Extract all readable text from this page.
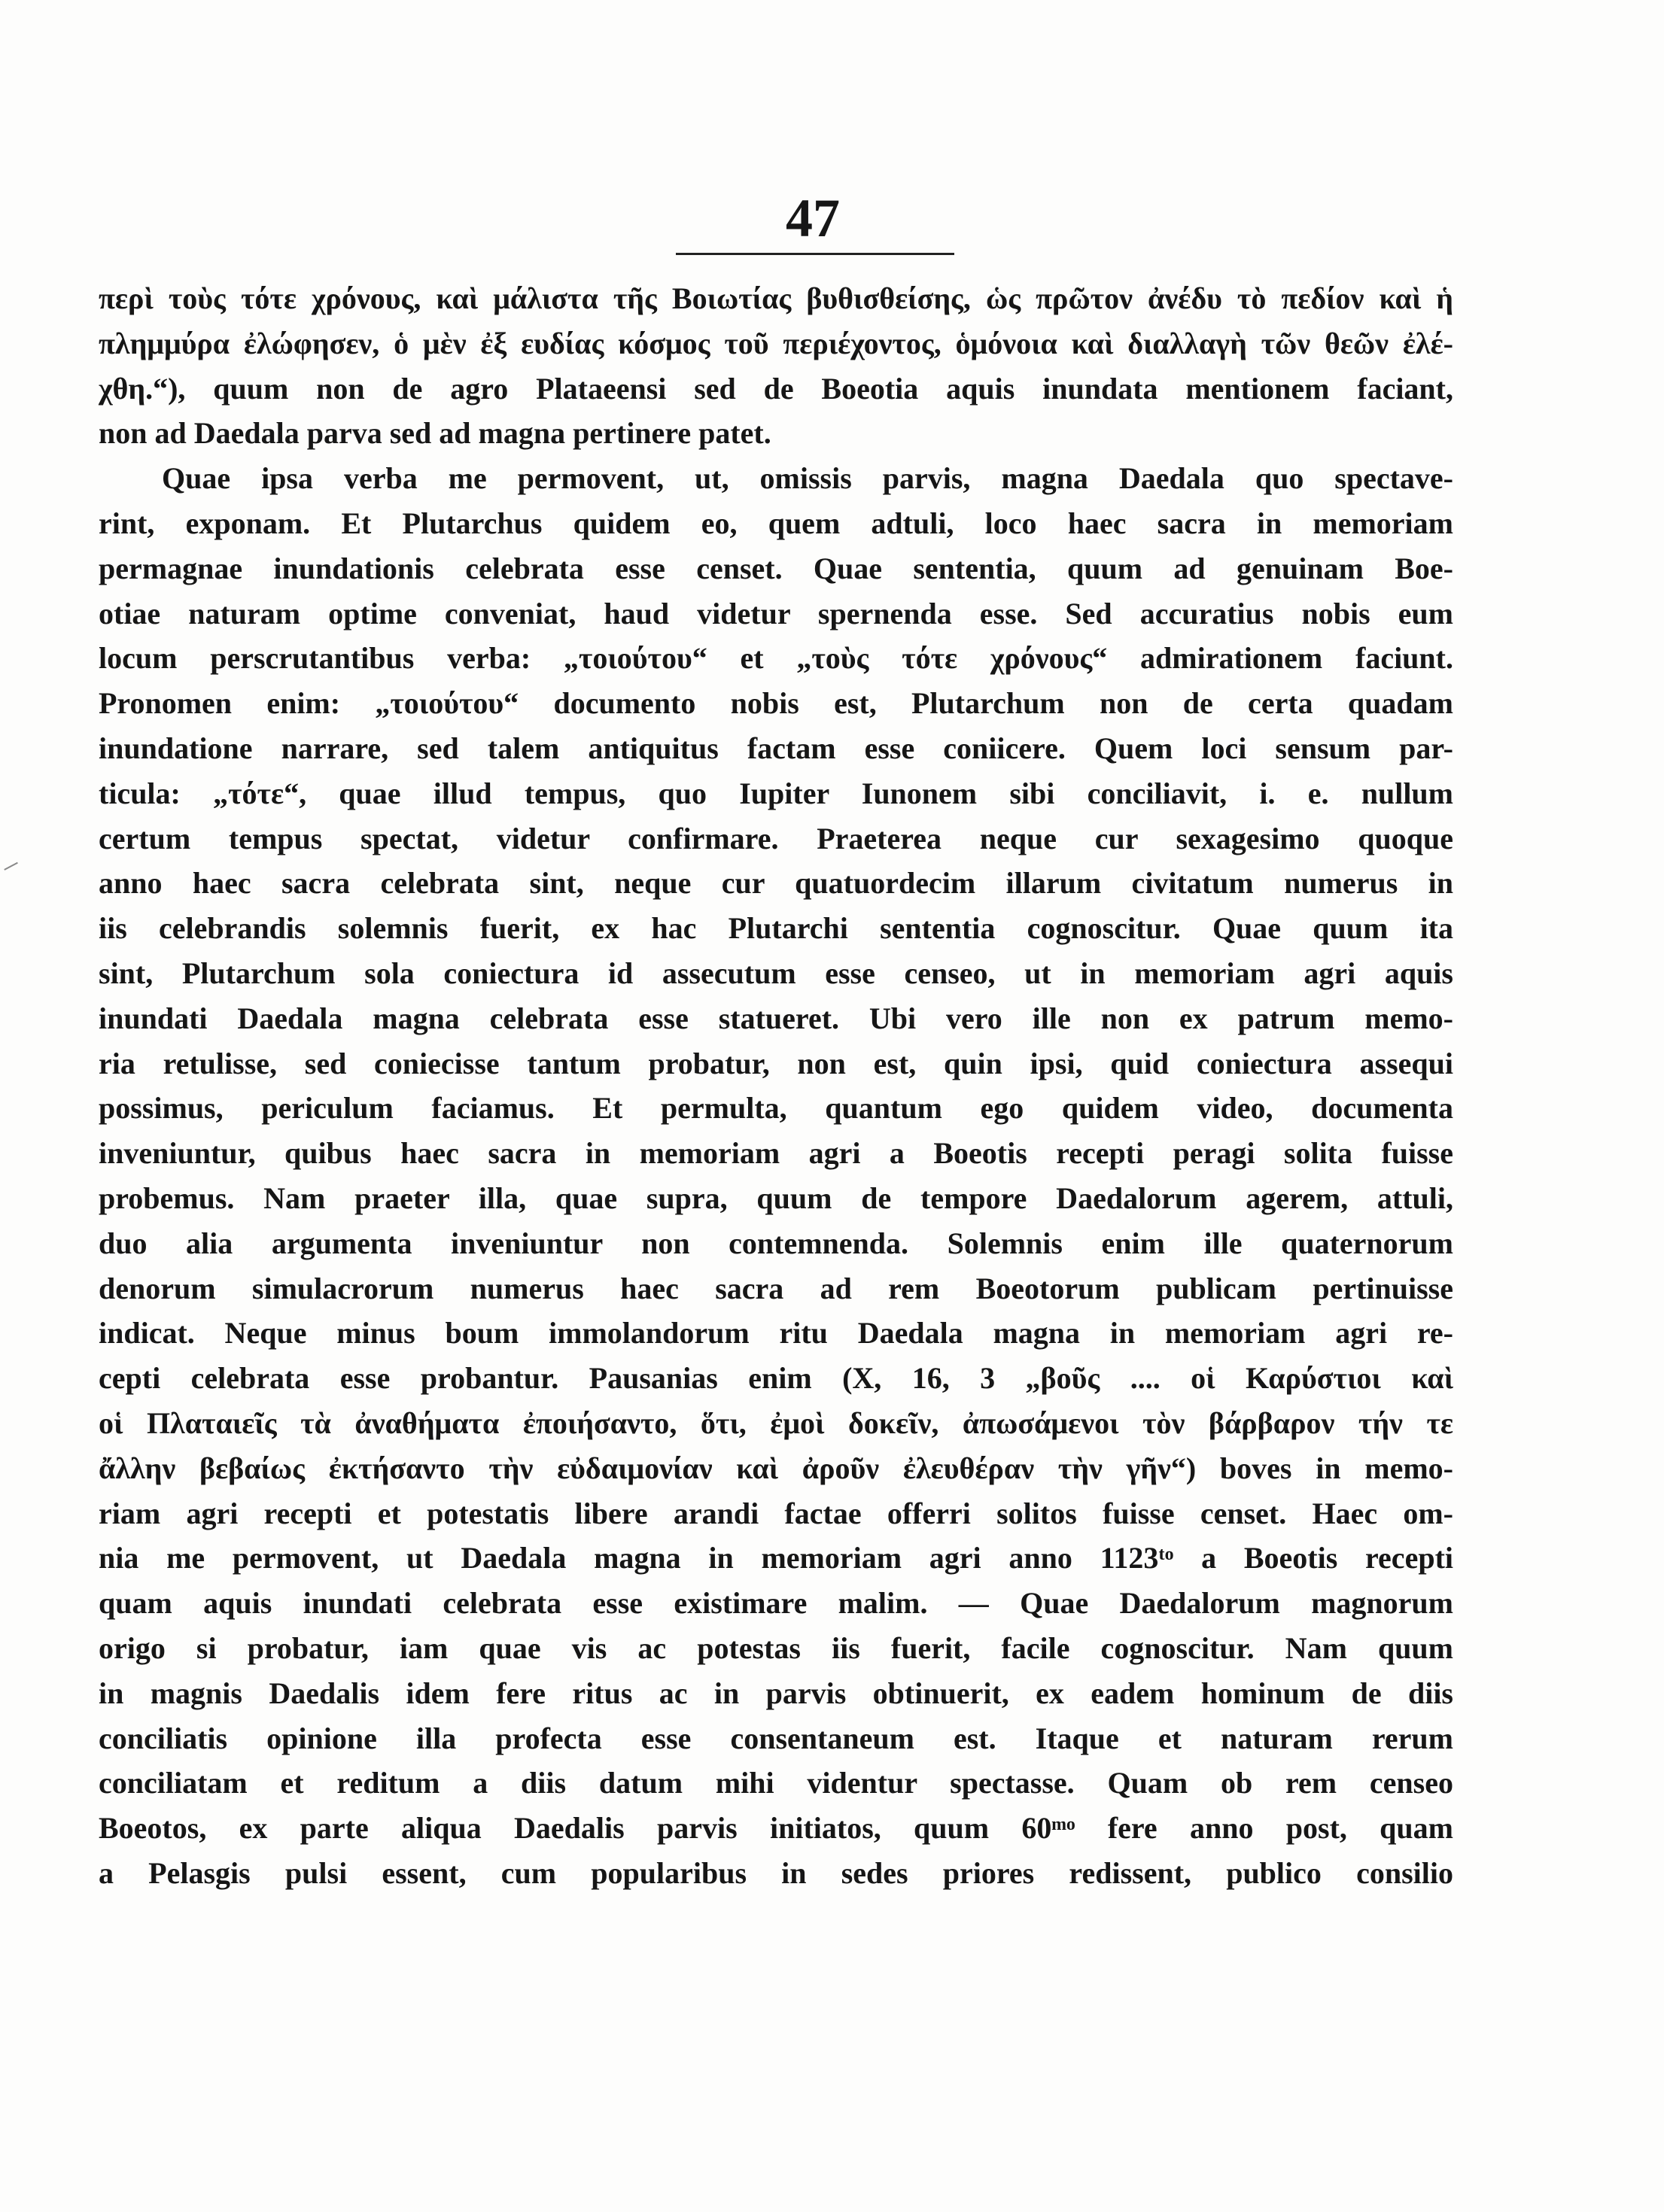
47
περὶ τοὺς τότε χρόνους, καὶ μάλιστα τῆς Βοιωτίας βυθισθείσης, ὡς πρῶτον ἀνέδυ τὸ πεδίον καὶ ἡ
πλημμύρα ἐλώφησεν, ὁ μὲν ἐξ ευδίας κόσμος τοῦ περιέχοντος, ὁμόνοια καὶ διαλλαγὴ τῶν θεῶν ἐλέ-
χθη.“), quum non de agro Plataeensi sed de Boeotia aquis inundata mentionem faciant,
non ad Daedala parva sed ad magna pertinere patet.
Quae ipsa verba me permovent, ut, omissis parvis, magna Daedala quo spectave-
rint, exponam. Et Plutarchus quidem eo, quem adtuli, loco haec sacra in memoriam
permagnae inundationis celebrata esse censet. Quae sententia, quum ad genuinam Boe-
otiae naturam optime conveniat, haud videtur spernenda esse. Sed accuratius nobis eum
locum perscrutantibus verba: „τοιούτου“ et „τοὺς τότε χρόνους“ admirationem faciunt.
Pronomen enim: „τοιούτου“ documento nobis est, Plutarchum non de certa quadam
inundatione narrare, sed talem antiquitus factam esse coniicere. Quem loci sensum par-
ticula: „τότε“, quae illud tempus, quo Iupiter Iunonem sibi conciliavit, i. e. nullum
certum tempus spectat, videtur confirmare. Praeterea neque cur sexagesimo quoque
anno haec sacra celebrata sint, neque cur quatuordecim illarum civitatum numerus in
iis celebrandis solemnis fuerit, ex hac Plutarchi sententia cognoscitur. Quae quum ita
sint, Plutarchum sola coniectura id assecutum esse censeo, ut in memoriam agri aquis
inundati Daedala magna celebrata esse statueret. Ubi vero ille non ex patrum memo-
ria retulisse, sed coniecisse tantum probatur, non est, quin ipsi, quid coniectura assequi
possimus, periculum faciamus. Et permulta, quantum ego quidem video, documenta
inveniuntur, quibus haec sacra in memoriam agri a Boeotis recepti peragi solita fuisse
probemus. Nam praeter illa, quae supra, quum de tempore Daedalorum agerem, attuli,
duo alia argumenta inveniuntur non contemnenda. Solemnis enim ille quaternorum
denorum simulacrorum numerus haec sacra ad rem Boeotorum publicam pertinuisse
indicat. Neque minus boum immolandorum ritu Daedala magna in memoriam agri re-
cepti celebrata esse probantur. Pausanias enim (X, 16, 3 „βοῦς .... οἱ Καρύστιοι καὶ
οἱ Πλαταιεῖς τὰ ἀναθήματα ἐποιήσαντο, ὅτι, ἐμοὶ δοκεῖν, ἀπωσάμενοι τὸν βάρβαρον τήν τε
ἄλλην βεβαίως ἐκτήσαντο τὴν εὐδαιμονίαν καὶ ἀροῦν ἐλευθέραν τὴν γῆν“) boves in memo-
riam agri recepti et potestatis libere arandi factae offerri solitos fuisse censet. Haec om-
nia me permovent, ut Daedala magna in memoriam agri anno 1123ᵗᵒ a Boeotis recepti
quam aquis inundati celebrata esse existimare malim. — Quae Daedalorum magnorum
origo si probatur, iam quae vis ac potestas iis fuerit, facile cognoscitur. Nam quum
in magnis Daedalis idem fere ritus ac in parvis obtinuerit, ex eadem hominum de diis
conciliatis opinione illa profecta esse consentaneum est. Itaque et naturam rerum
conciliatam et reditum a diis datum mihi videntur spectasse. Quam ob rem censeo
Boeotos, ex parte aliqua Daedalis parvis initiatos, quum 60ᵐᵒ fere anno post, quam
a Pelasgis pulsi essent, cum popularibus in sedes priores redissent, publico consilio
